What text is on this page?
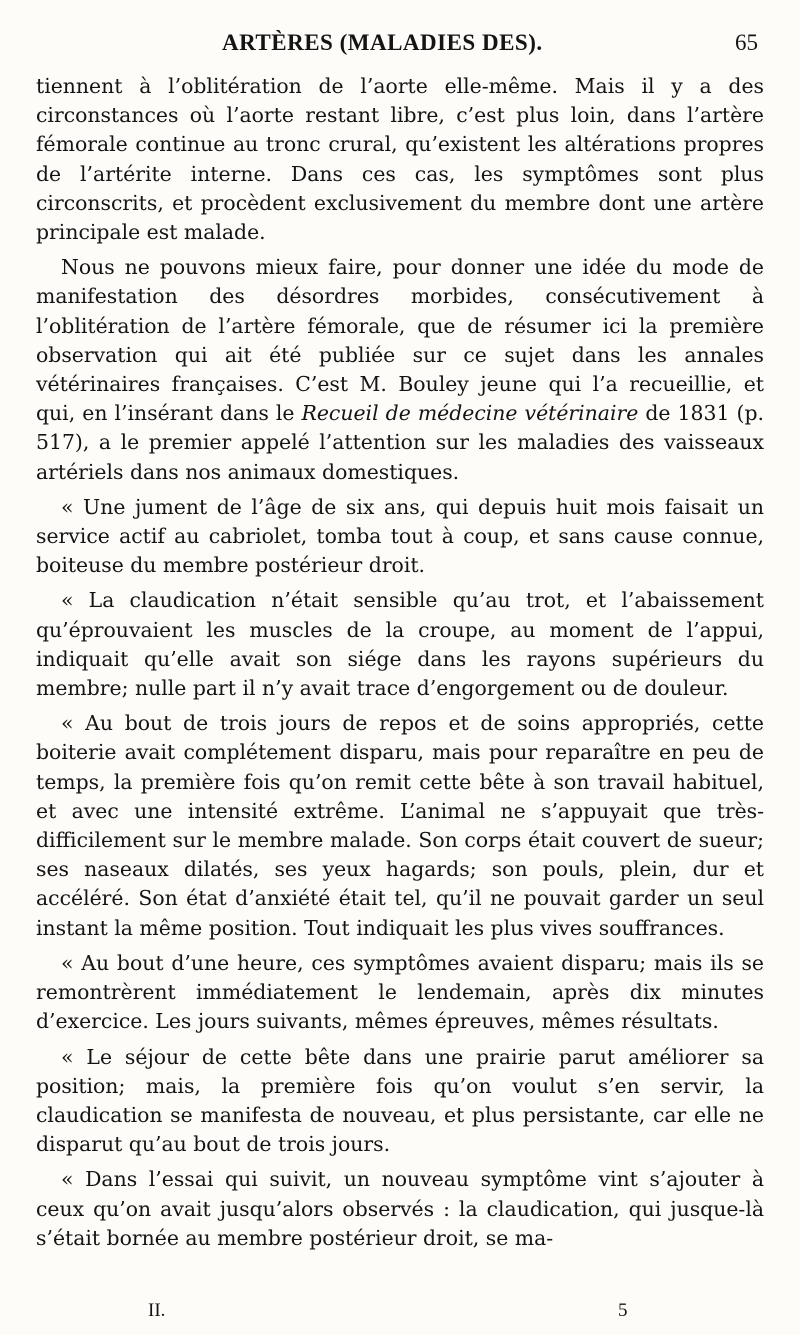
ARTÈRES (MALADIES DES).	65

tiennent à l’oblitération de l’aorte elle-même. Mais il y a des circonstances où l’aorte restant libre, c’est plus loin, dans l’artère fémorale continue au tronc crural, qu’existent les altérations propres de l’artérite interne. Dans ces cas, les symptômes sont plus circonscrits, et procèdent exclusivement du membre dont une artère principale est malade.

Nous ne pouvons mieux faire, pour donner une idée du mode de manifestation des désordres morbides, consécutivement à l’oblitération de l’artère fémorale, que de résumer ici la première observation qui ait été publiée sur ce sujet dans les annales vétérinaires françaises. C’est M. Bouley jeune qui l’a recueillie, et qui, en l’insérant dans le Recueil de médecine vétérinaire de 1831 (p. 517), a le premier appelé l’attention sur les maladies des vaisseaux artériels dans nos animaux domestiques.

« Une jument de l’âge de six ans, qui depuis huit mois faisait un service actif au cabriolet, tomba tout à coup, et sans cause connue, boiteuse du membre postérieur droit.

« La claudication n’était sensible qu’au trot, et l’abaissement qu’éprouvaient les muscles de la croupe, au moment de l’appui, indiquait qu’elle avait son siége dans les rayons supérieurs du membre; nulle part il n’y avait trace d’engorgement ou de douleur.

« Au bout de trois jours de repos et de soins appropriés, cette boiterie avait complétement disparu, mais pour reparaître en peu de temps, la première fois qu’on remit cette bête à son travail habituel, et avec une intensité extrême. L’animal ne s’appuyait que très-difficilement sur le membre malade. Son corps était couvert de sueur; ses naseaux dilatés, ses yeux hagards; son pouls, plein, dur et accéléré. Son état d’anxiété était tel, qu’il ne pouvait garder un seul instant la même position. Tout indiquait les plus vives souffrances.

« Au bout d’une heure, ces symptômes avaient disparu; mais ils se remontrèrent immédiatement le lendemain, après dix minutes d’exercice. Les jours suivants, mêmes épreuves, mêmes résultats.

« Le séjour de cette bête dans une prairie parut améliorer sa position; mais, la première fois qu’on voulut s’en servir, la claudication se manifesta de nouveau, et plus persistante, car elle ne disparut qu’au bout de trois jours.

« Dans l’essai qui suivit, un nouveau symptôme vint s’ajouter à ceux qu’on avait jusqu’alors observés : la claudication, qui jusque-là s’était bornée au membre postérieur droit, se ma-

II.	5
